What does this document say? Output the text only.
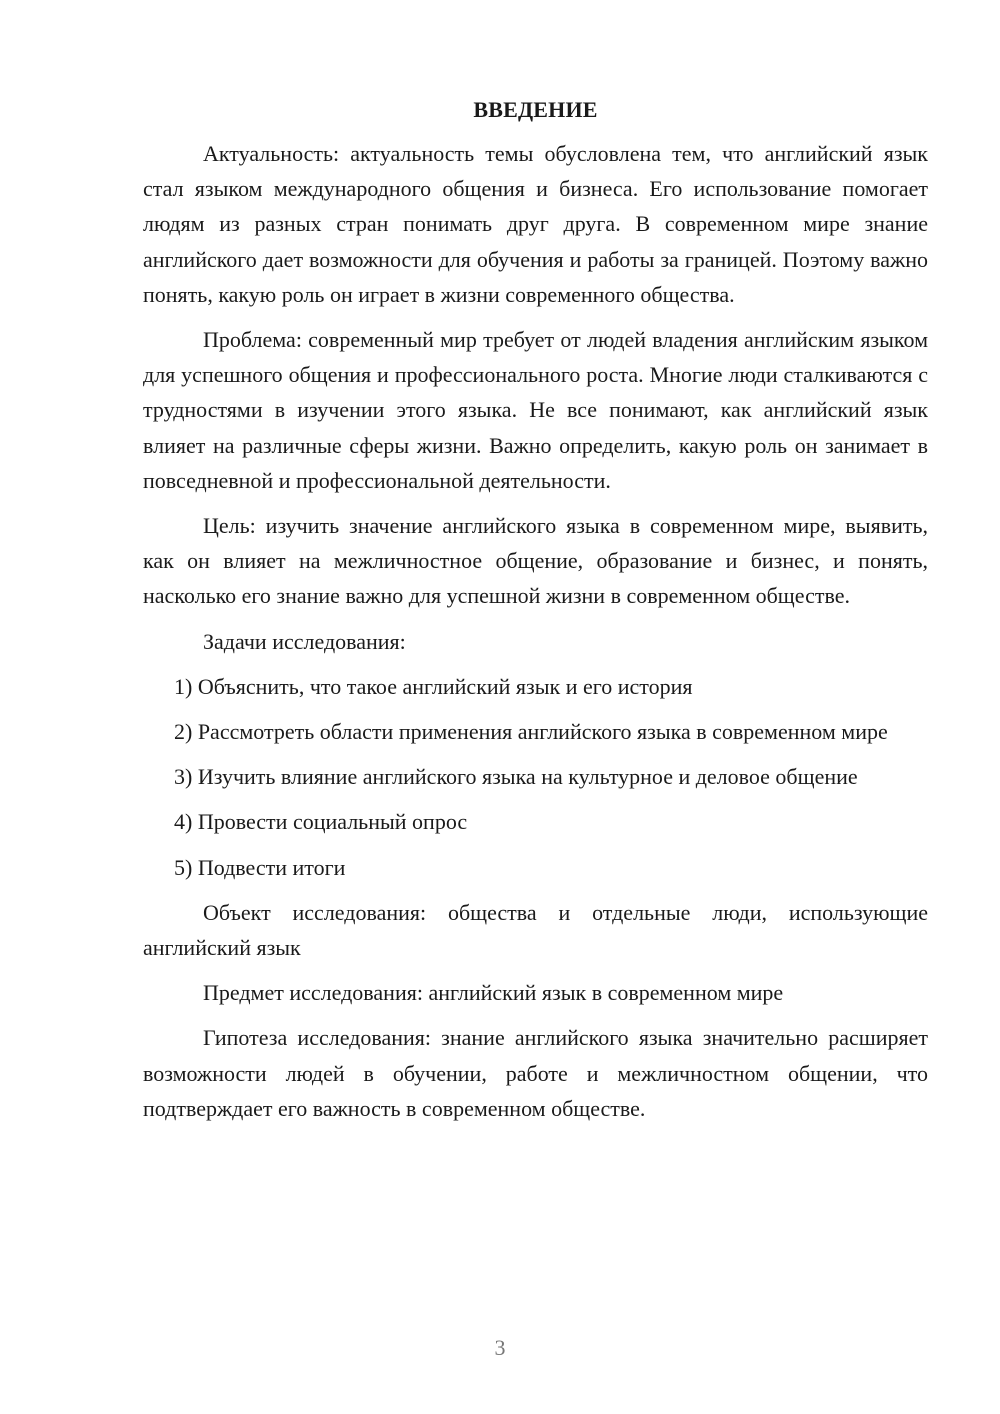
ВВЕДЕНИЕ

Актуальность: актуальность темы обусловлена тем, что английский язык стал языком международного общения и бизнеса. Его использование помогает людям из разных стран понимать друг друга. В современном мире знание английского дает возможности для обучения и работы за границей. Поэтому важно понять, какую роль он играет в жизни современного общества.

Проблема: современный мир требует от людей владения английским языком для успешного общения и профессионального роста. Многие люди сталкиваются с трудностями в изучении этого языка. Не все понимают, как английский язык влияет на различные сферы жизни. Важно определить, какую роль он занимает в повседневной и профессиональной деятельности.

Цель: изучить значение английского языка в современном мире, выявить, как он влияет на межличностное общение, образование и бизнес, и понять, насколько его знание важно для успешной жизни в современном обществе.

Задачи исследования:

1) Объяснить, что такое английский язык и его история

2) Рассмотреть области применения английского языка в современном мире

3) Изучить влияние английского языка на культурное и деловое общение

4) Провести социальный опрос

5) Подвести итоги

Объект исследования: общества и отдельные люди, использующие английский язык

Предмет исследования: английский язык в современном мире

Гипотеза исследования: знание английского языка значительно расширяет возможности людей в обучении, работе и межличностном общении, что подтверждает его важность в современном обществе.

3
